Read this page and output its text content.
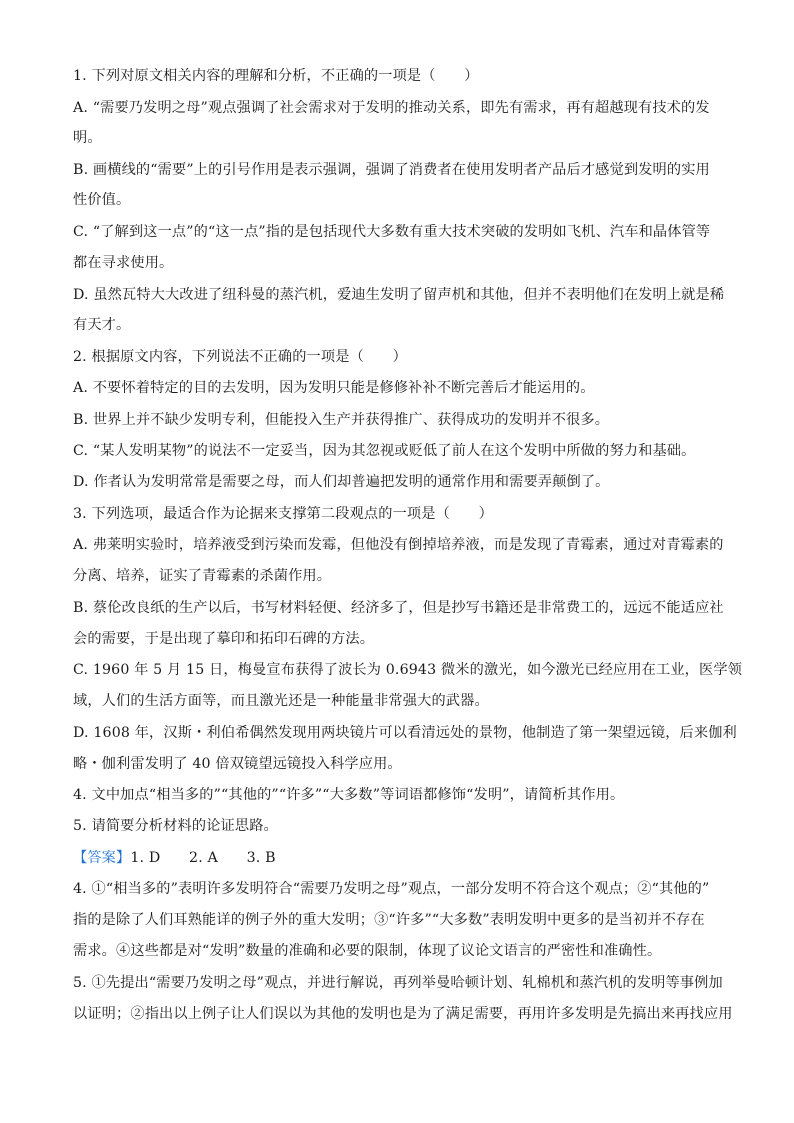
1. 下列对原文相关内容的理解和分析，不正确的一项是（　　）
A. “需要乃发明之母”观点强调了社会需求对于发明的推动关系，即先有需求，再有超越现有技术的发
明。
B. 画横线的“需要”上的引号作用是表示强调，强调了消费者在使用发明者产品后才感觉到发明的实用
性价值。
C. “了解到这一点”的“这一点”指的是包括现代大多数有重大技术突破的发明如飞机、汽车和晶体管等
都在寻求使用。
D. 虽然瓦特大大改进了纽科曼的蒸汽机，爱迪生发明了留声机和其他，但并不表明他们在发明上就是稀
有天才。
2. 根据原文内容，下列说法不正确的一项是（　　）
A. 不要怀着特定的目的去发明，因为发明只能是修修补补不断完善后才能运用的。
B. 世界上并不缺少发明专利，但能投入生产并获得推广、获得成功的发明并不很多。
C. “某人发明某物”的说法不一定妥当，因为其忽视或贬低了前人在这个发明中所做的努力和基础。
D. 作者认为发明常常是需要之母，而人们却普遍把发明的通常作用和需要弄颠倒了。
3. 下列选项，最适合作为论据来支撑第二段观点的一项是（　　）
A. 弗莱明实验时，培养液受到污染而发霉，但他没有倒掉培养液，而是发现了青霉素，通过对青霉素的
分离、培养，证实了青霉素的杀菌作用。
B. 蔡伦改良纸的生产以后，书写材料轻便、经济多了，但是抄写书籍还是非常费工的，远远不能适应社
会的需要，于是出现了摹印和拓印石碑的方法。
C. 1960 年 5 月 15 日，梅曼宣布获得了波长为 0.6943 微米的激光，如今激光已经应用在工业，医学领
域，人们的生活方面等，而且激光还是一种能量非常强大的武器。
D. 1608 年，汉斯・利伯希偶然发现用两块镜片可以看清远处的景物，他制造了第一架望远镜，后来伽利
略・伽利雷发明了 40 倍双镜望远镜投入科学应用。
4. 文中加点“相当多的”“其他的”“许多”“大多数”等词语都修饰“发明”，请简析其作用。
5. 请简要分析材料的论证思路。
【答案】1. D　　2. A　　3. B
4. ①“相当多的”表明许多发明符合“需要乃发明之母”观点，一部分发明不符合这个观点；②“其他的”
指的是除了人们耳熟能详的例子外的重大发明；③“许多”“大多数”表明发明中更多的是当初并不存在
需求。④这些都是对“发明”数量的准确和必要的限制，体现了议论文语言的严密性和准确性。
5. ①先提出“需要乃发明之母”观点，并进行解说，再列举曼哈顿计划、轧棉机和蒸汽机的发明等事例加
以证明；②指出以上例子让人们误以为其他的发明也是为了满足需要，再用许多发明是先搞出来再找应用
